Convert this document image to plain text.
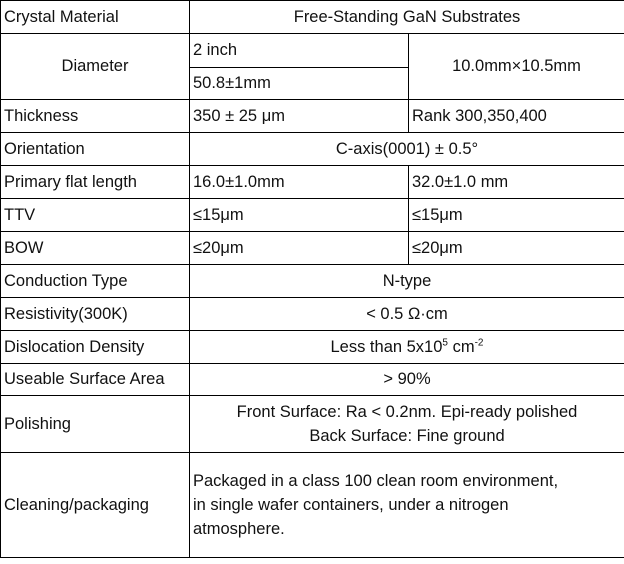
Crystal Material	Free-Standing GaN Substrates	
Diameter	2 inch	10.0mm×10.5mm
	50.8±1mm	
Thickness	350 ± 25 μm	Rank 300,350,400
Orientation	C-axis(0001) ± 0.5°	
Primary flat length	16.0±1.0mm	32.0±1.0 mm
TTV	≤15μm	≤15μm
BOW	≤20μm	≤20μm
Conduction Type	N-type	
Resistivity(300K)	< 0.5 Ω·cm	
Dislocation Density	Less than $5x10^5$ $cm^{-2}$
Useable Surface Area	> 90%	
Polishing	Front Surface: Ra < 0.2nm. Epi-ready polished
Back Surface: Fine ground	

Cleaning/packaging	Packaged in a class 100 clean room environment,
in single wafer containers, under a nitrogen
atmosphere.	
